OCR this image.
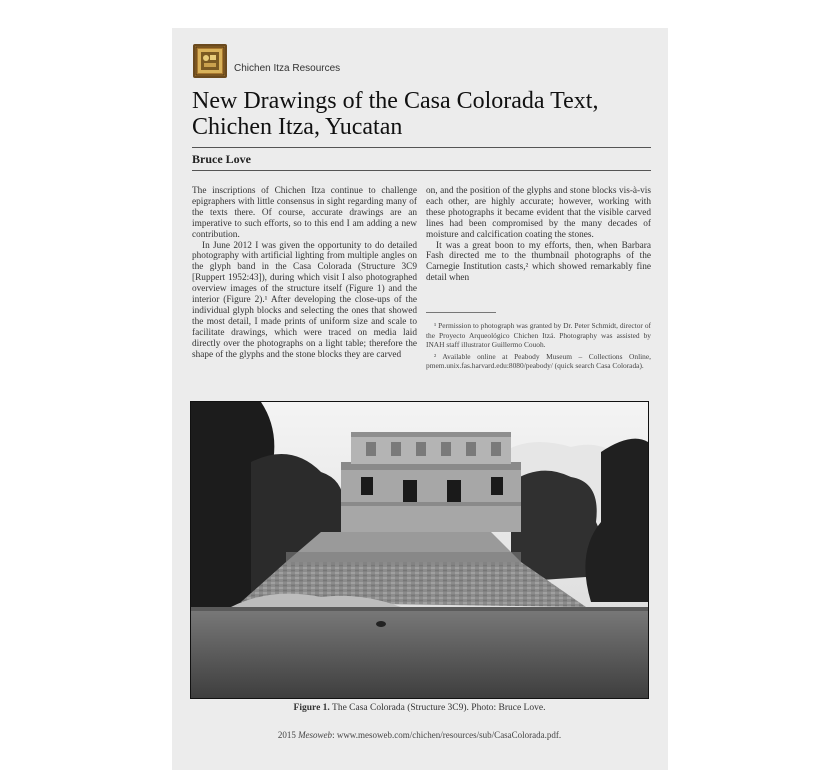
Chichen Itza Resources
New Drawings of the Casa Colorada Text,
Chichen Itza, Yucatan
Bruce Love

The inscriptions of Chichen Itza continue to challenge epigraphers with little consensus in sight regarding many of the texts there. Of course, accurate drawings are an imperative to such efforts, so to this end I am adding a new contribution.

In June 2012 I was given the opportunity to do detailed photography with artificial lighting from multiple angles on the glyph band in the Casa Colorada (Structure 3C9 [Ruppert 1952:43]), during which visit I also photographed overview images of the structure itself (Figure 1) and the interior (Figure 2).¹ After developing the close-ups of the individual glyph blocks and selecting the ones that showed the most detail, I made prints of uniform size and scale to facilitate drawings, which were traced on media laid directly over the photographs on a light table; therefore the shape of the glyphs and the stone blocks they are carved

on, and the position of the glyphs and stone blocks vis-à-vis each other, are highly accurate; however, working with these photographs it became evident that the visible carved lines had been compromised by the many decades of moisture and calcification coating the stones.

It was a great boon to my efforts, then, when Barbara Fash directed me to the thumbnail photographs of the Carnegie Institution casts,² which showed remarkably fine detail when

¹ Permission to photograph was granted by Dr. Peter Schmidt, director of the Proyecto Arqueológico Chichen Itzá. Photography was assisted by INAH staff illustrator Guillermo Couoh.

² Available online at Peabody Museum – Collections Online, pmem.unix.fas.harvard.edu:8080/peabody/ (quick search Casa Colorada).

Figure 1. The Casa Colorada (Structure 3C9). Photo: Bruce Love.
2015 Mesoweb: www.mesoweb.com/chichen/resources/sub/CasaColorada.pdf.
